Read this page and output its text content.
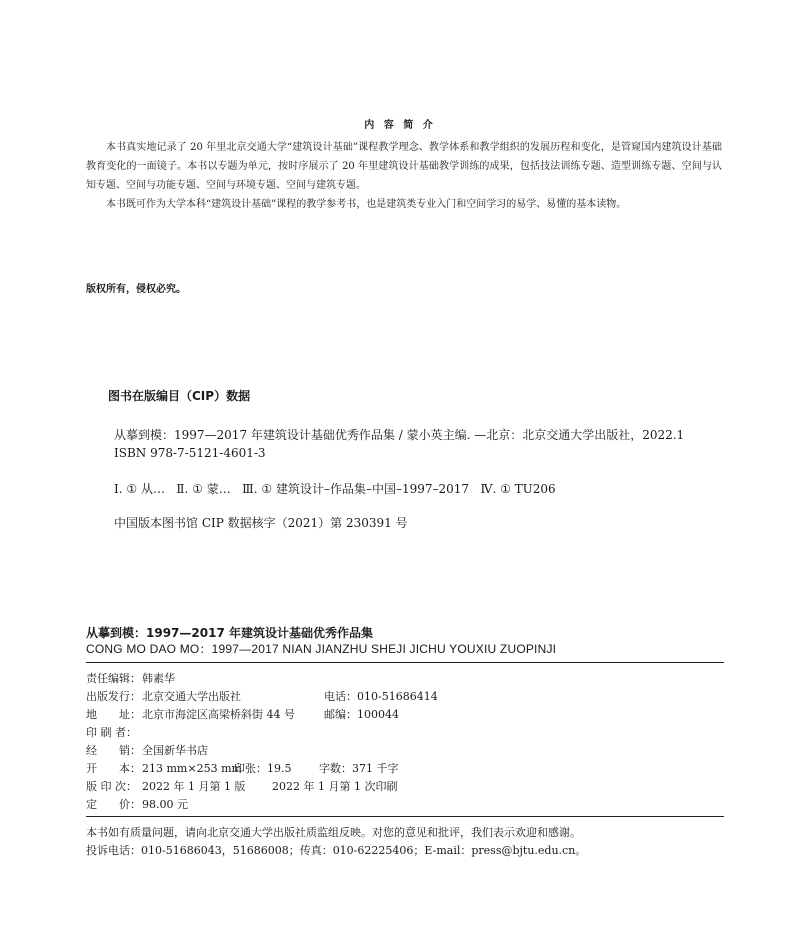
内 容 简 介

本书真实地记录了 20 年里北京交通大学“建筑设计基础”课程教学理念、教学体系和教学组织的发展历程和变化，是管窥国内建筑设计基础教育变化的一面镜子。本书以专题为单元，按时序展示了 20 年里建筑设计基础教学训练的成果，包括技法训练专题、造型训练专题、空间与认知专题、空间与功能专题、空间与环境专题、空间与建筑专题。

本书既可作为大学本科“建筑设计基础”课程的教学参考书，也是建筑类专业入门和空间学习的易学、易懂的基本读物。

版权所有，侵权必究。
图书在版编目（CIP）数据
从摹到模：1997—2017 年建筑设计基础优秀作品集 / 蒙小英主编. —北京：北京交通大学出版社，2022.1
ISBN 978-7-5121-4601-3
Ⅰ. ① 从…   Ⅱ. ① 蒙…   Ⅲ. ① 建筑设计–作品集–中国–1997–2017   Ⅳ. ① TU206
中国版本图书馆 CIP 数据核字（2021）第 230391 号
从摹到模：1997—2017 年建筑设计基础优秀作品集
CONG MO DAO MO：1997—2017 NIAN JIANZHU SHEJI JICHU YOUXIU ZUOPINJI
责任编辑：韩素华
出版发行：北京交通大学出版社	电话：010-51686414
地　　址：北京市海淀区高梁桥斜街 44 号	邮编：100044
印 刷 者：
经　　销：全国新华书店
开　　本：213 mm×253 mm印张：19.5	字数：371 千字
版 印 次： 2022 年 1 月第 1 版 2022 年 1 月第 1 次印刷
定　　价：98.00 元
本书如有质量问题，请向北京交通大学出版社质监组反映。对您的意见和批评，我们表示欢迎和感谢。
投诉电话：010-51686043，51686008；传真：010-62225406；E-mail：press@bjtu.edu.cn。
